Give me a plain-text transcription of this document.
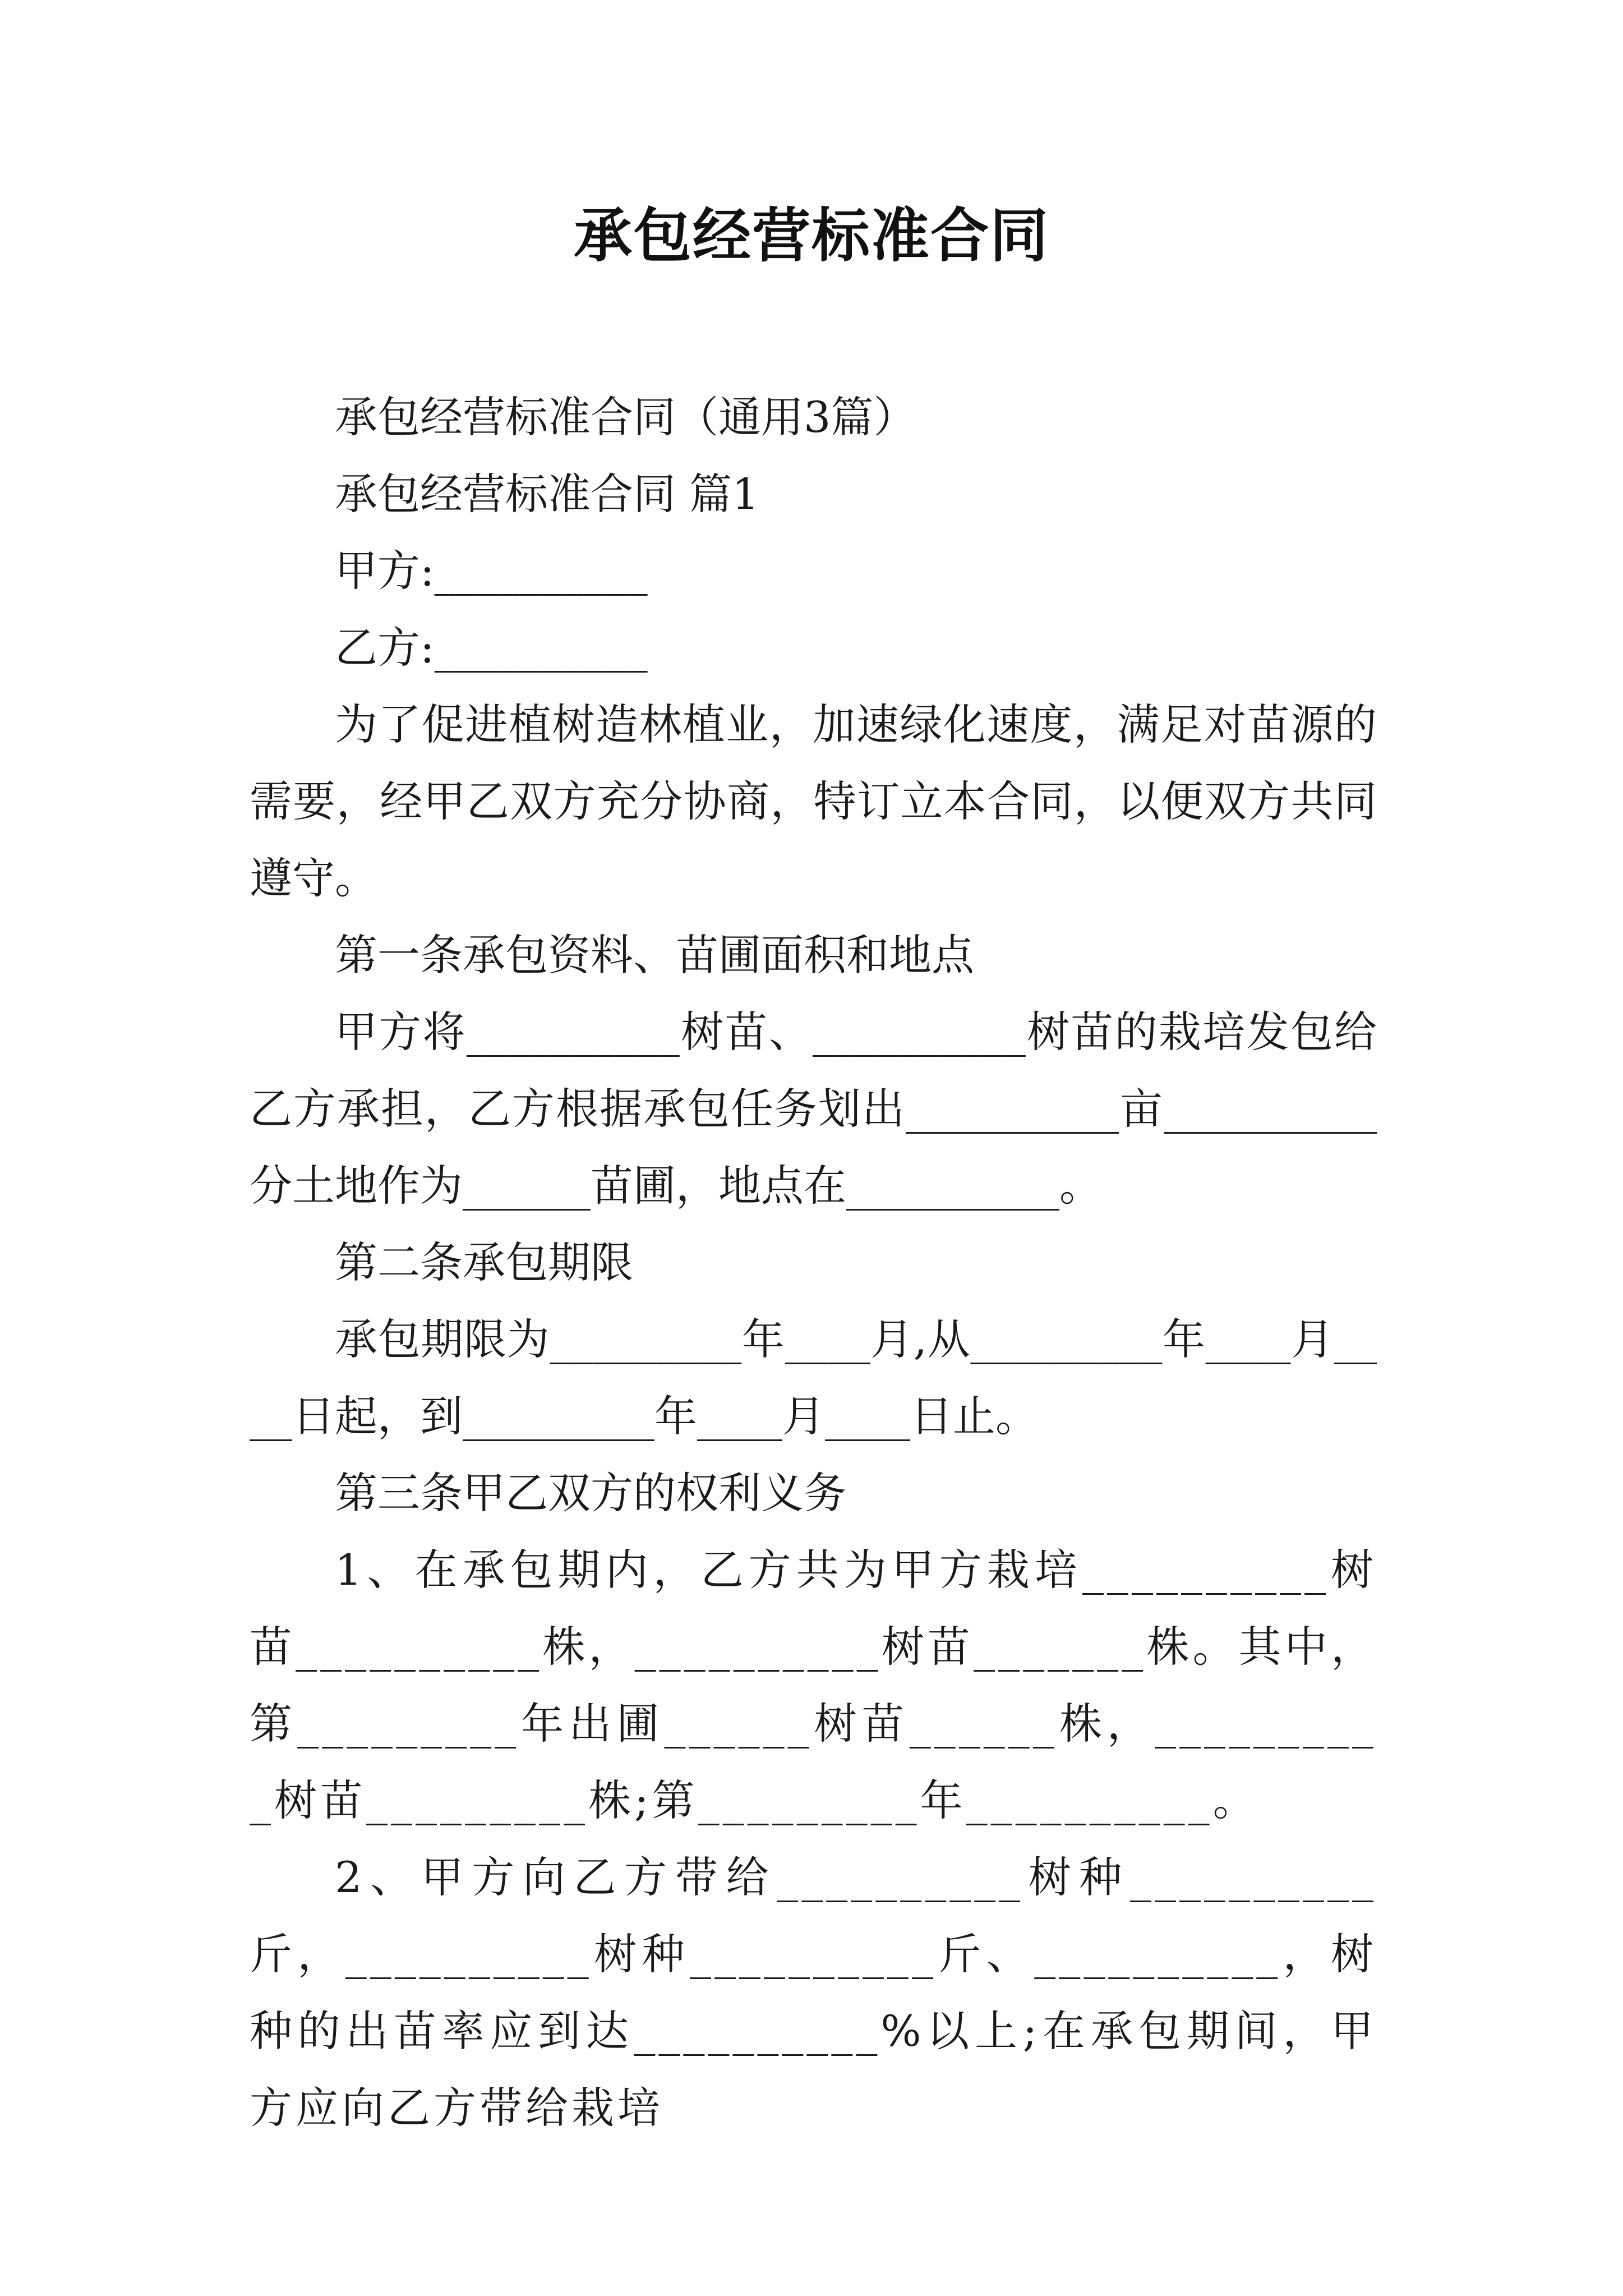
承包经营标准合同

承包经营标准合同（通用3篇）

承包经营标准合同 篇1

甲方:__________

乙方:__________

为了促进植树造林植业，加速绿化速度，满足对苗源的需要，经甲乙双方充分协商，特订立本合同，以便双方共同遵守。

第一条承包资料、苗圃面积和地点

甲方将__________树苗、__________树苗的栽培发包给乙方承担，乙方根据承包任务划出__________亩__________分土地作为______苗圃，地点在__________。

第二条承包期限

承包期限为_________年____月,从_________年____月____日起，到_________年____月____日止。

第三条甲乙双方的权利义务

1、在承包期内，乙方共为甲方栽培__________树苗__________株，__________树苗_______株。其中，第_________年出圃______树苗______株，__________树苗_________株;第_________年__________。

2、甲方向乙方带给__________树种__________斤，__________树种__________斤、__________，树种的出苗率应到达__________%以上;在承包期间，甲方应向乙方带给栽培
